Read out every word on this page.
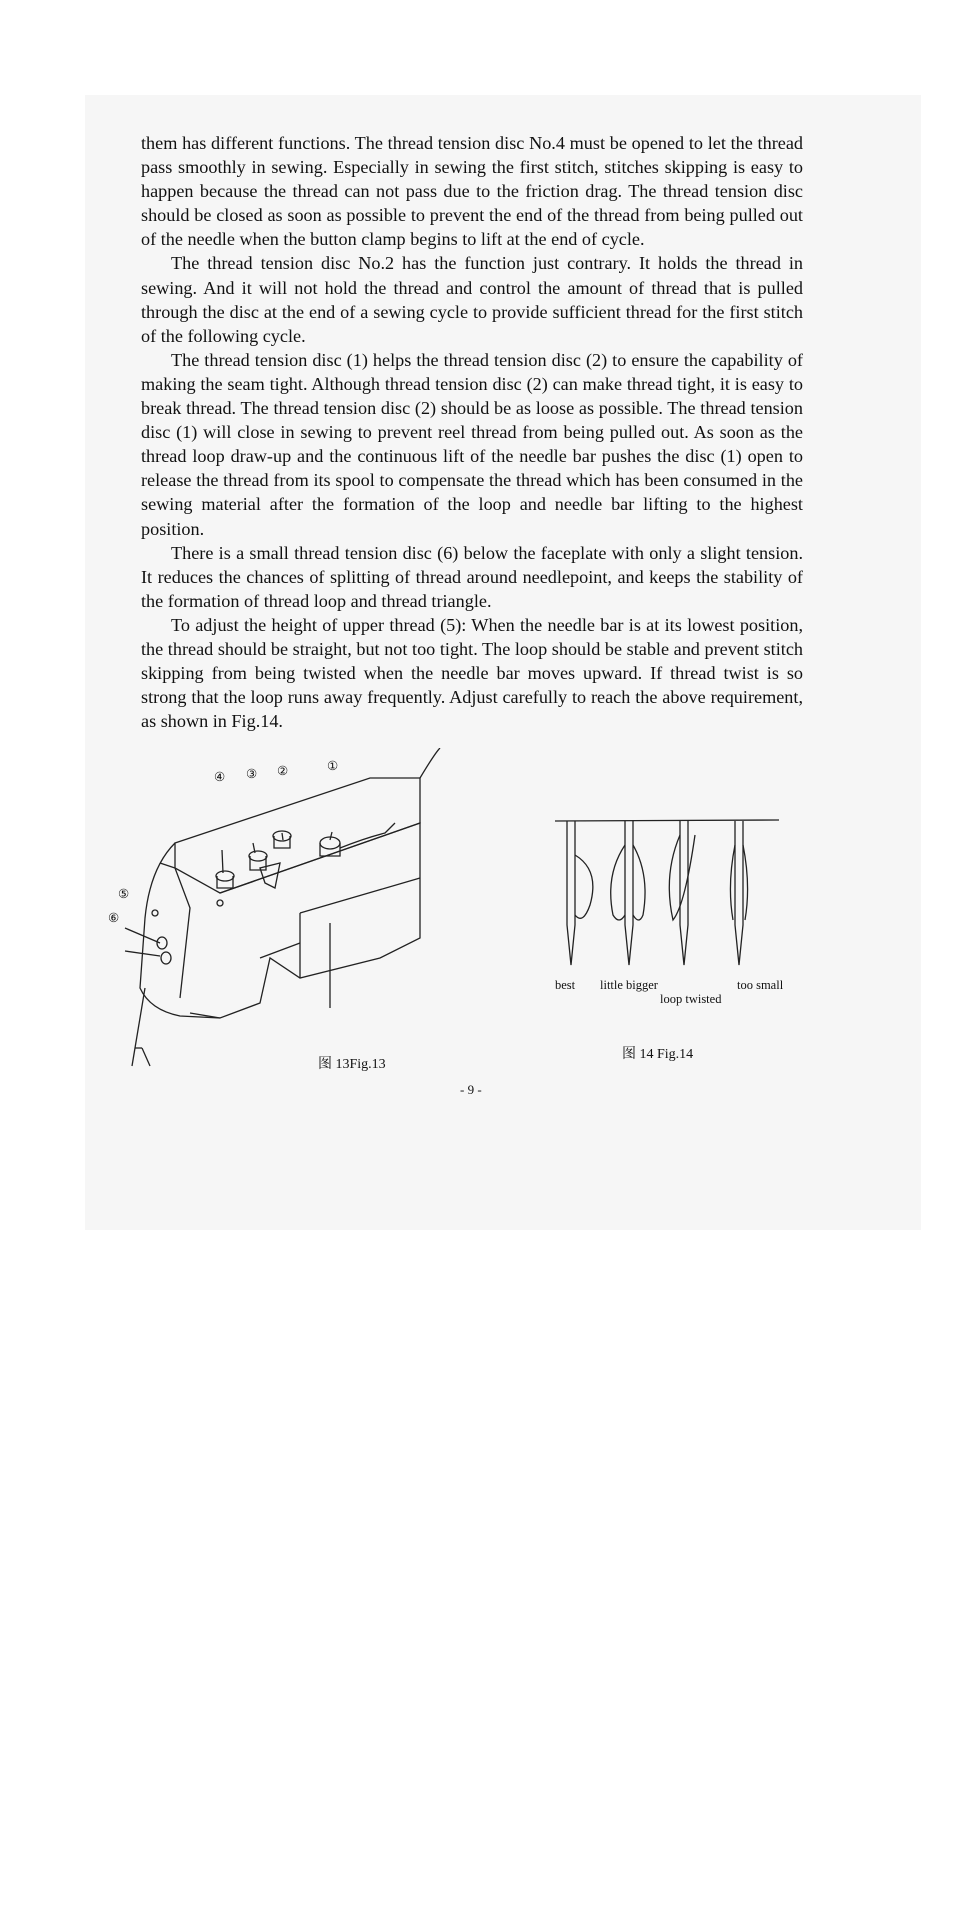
them has different functions. The thread tension disc No.4 must be opened to let the thread pass smoothly in sewing. Especially in sewing the first stitch, stitches skipping is easy to happen because the thread can not pass due to the friction drag. The thread tension disc should be closed as soon as possible to prevent the end of the thread from being pulled out of the needle when the button clamp begins to lift at the end of cycle.

The thread tension disc No.2 has the function just contrary. It holds the thread in sewing. And it will not hold the thread and control the amount of thread that is pulled through the disc at the end of a sewing cycle to provide sufficient thread for the first stitch of the following cycle.

The thread tension disc (1) helps the thread tension disc (2) to ensure the capability of making the seam tight. Although thread tension disc (2) can make thread tight, it is easy to break thread. The thread tension disc (2) should be as loose as possible. The thread tension disc (1) will close in sewing to prevent reel thread from being pulled out. As soon as the thread loop draw-up and the continuous lift of the needle bar pushes the disc (1) open to release the thread from its spool to compensate the thread which has been consumed in the sewing material after the formation of the loop and needle bar lifting to the highest position.

There is a small thread tension disc (6) below the faceplate with only a slight tension. It reduces the chances of splitting of thread around needlepoint, and keeps the stability of the formation of thread loop and thread triangle.

To adjust the height of upper thread (5): When the needle bar is at its lowest position, the thread should be straight, but not too tight. The loop should be stable and prevent stitch skipping from being twisted when the needle bar moves upward. If thread twist is so strong that the loop runs away frequently. Adjust carefully to reach the above requirement, as shown in Fig.14.

④ ③ ②	①
⑤
⑥
图 13Fig.13
best little bigger
loop twisted
too small
图 14 Fig.14
- 9 -
